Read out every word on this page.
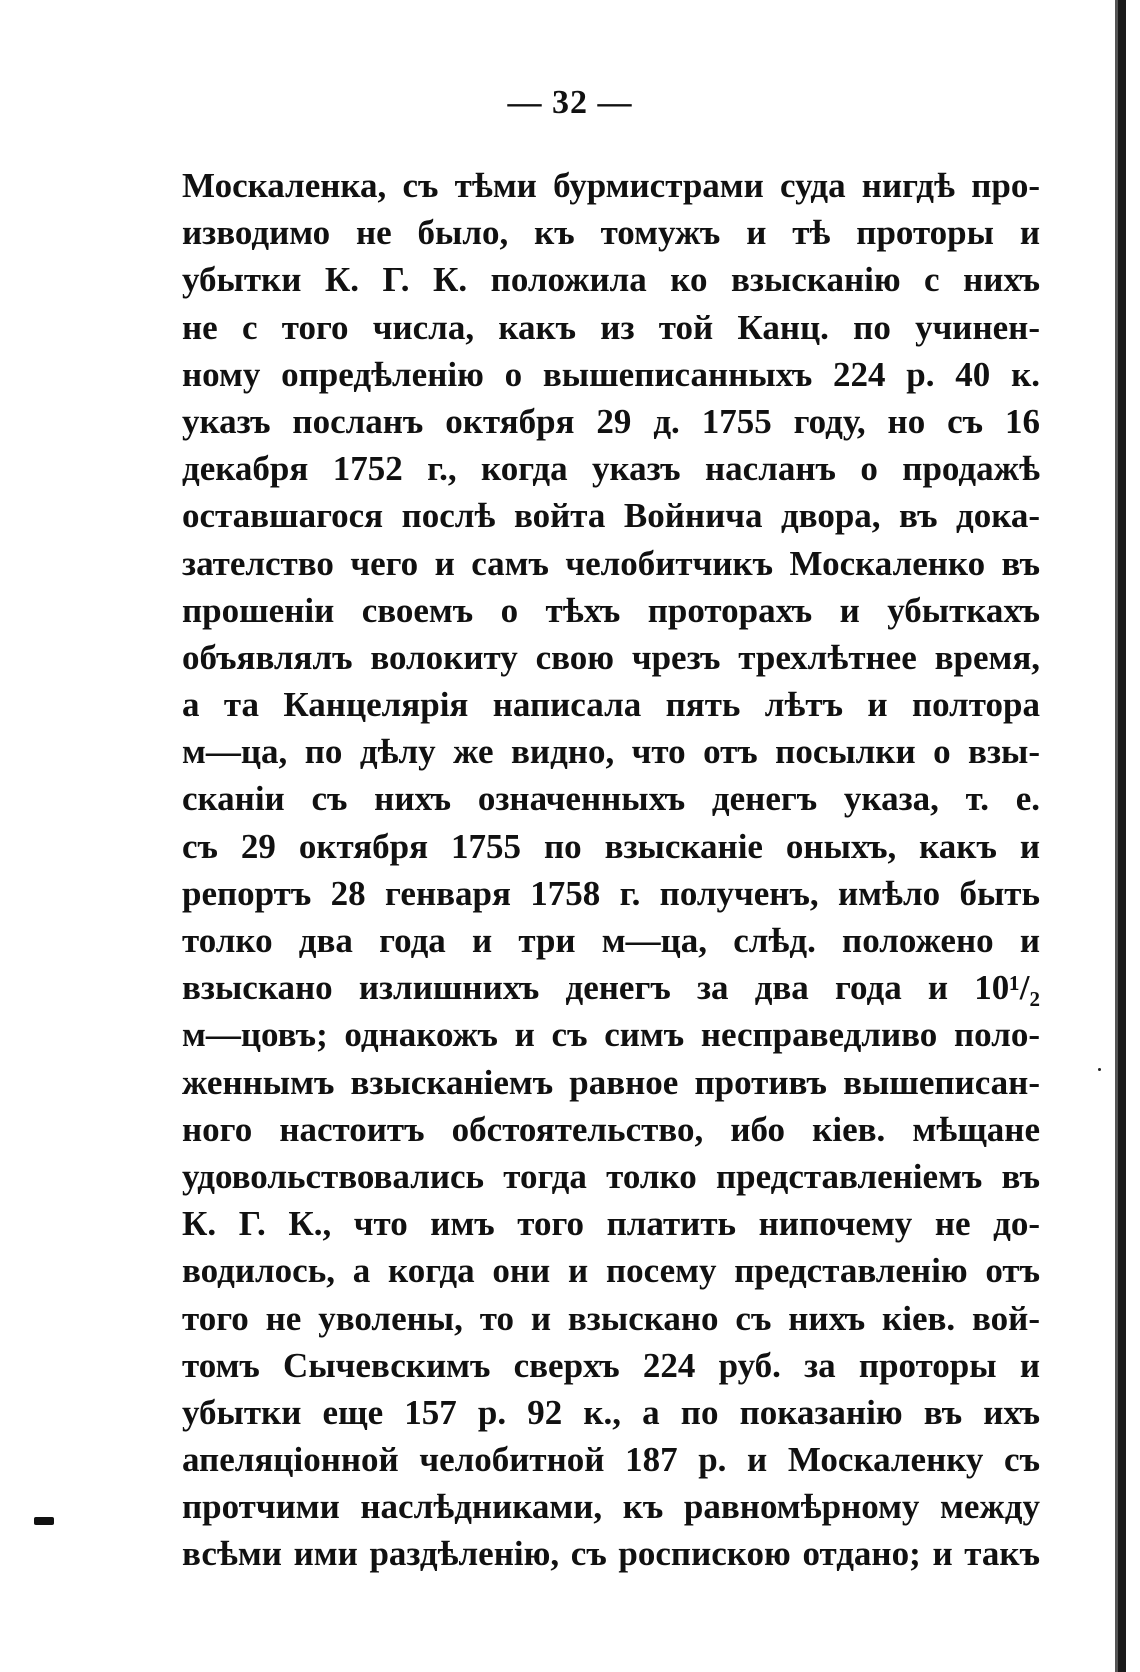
— 32 —
Москаленка, съ тѣми бурмистрами суда нигдѣ про-
изводимо не было, къ томужъ и тѣ проторы и
убытки К. Г. К. положила ко взысканію с нихъ
не с того числа, какъ из той Канц. по учинен-
ному опредѣленію о вышеписанныхъ 224 р. 40 к.
указъ посланъ октября 29 д. 1755 году, но съ 16
декабря 1752 г., когда указъ насланъ о продажѣ
оставшагося послѣ войта Войнича двора, въ дока-
зателство чего и самъ челобитчикъ Москаленко въ
прошеніи своемъ о тѣхъ проторахъ и убыткахъ
объявлялъ волокиту свою чрезъ трехлѣтнее время,
а та Канцелярія написала пять лѣтъ и полтора
м—ца, по дѣлу же видно, что отъ посылки о взы-
сканіи съ нихъ означенныхъ денегъ указа, т. е.
съ 29 октября 1755 по взысканіе оныхъ, какъ и
репортъ 28 генваря 1758 г. полученъ, имѣло быть
толко два года и три м—ца, слѣд. положено и
взыскано излишнихъ денегъ за два года и 10¹/₂
м—цовъ; однакожъ и съ симъ несправедливо поло-
женнымъ взысканіемъ равное противъ вышеписан-
ного настоитъ обстоятельство, ибо кіев. мѣщане
удовольствовались тогда толко представленіемъ въ
К. Г. К., что имъ того платить нипочему не до-
водилось, а когда они и посему представленію отъ
того не уволены, то и взыскано съ нихъ кіев. вой-
томъ Сычевскимъ сверхъ 224 руб. за проторы и
убытки еще 157 р. 92 к., а по показанію въ ихъ
апеляціонной челобитной 187 р. и Москаленку съ
протчими наслѣдниками, къ равномѣрному между
всѣми ими раздѣленію, съ роспискою отдано; и такъ
